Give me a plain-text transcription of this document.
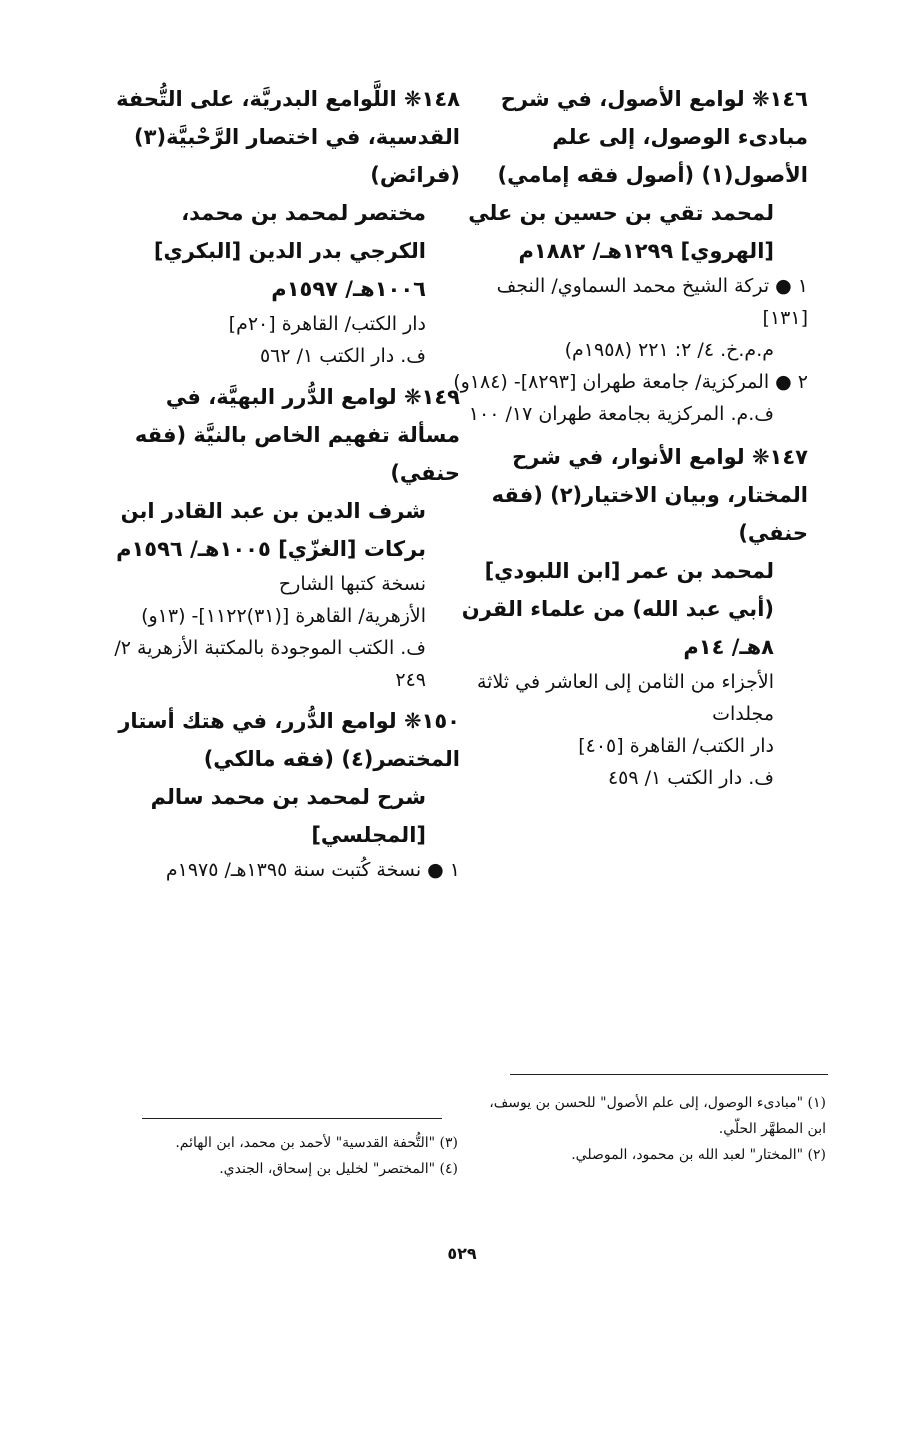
١٤٦❋ لوامع الأصول، في شرح مبادىء الوصول، إلى علم الأصول(١) (أصول فقه إمامي)

لمحمد تقي بن حسين بن علي [الهروي] ١٢٩٩هـ/ ١٨٨٢م

١ ● تركة الشيخ محمد السماوي/ النجف [١٣١]

م.م.خ. ٤/ ٢: ٢٢١ (١٩٥٨م)

٢ ● المركزية/ جامعة طهران [٨٢٩٣]- (١٨٤و)

ف.م. المركزية بجامعة طهران ١٧/ ١٠٠

١٤٧❋ لوامع الأنوار، في شرح المختار، وبيان الاختيار(٢) (فقه حنفي)

لمحمد بن عمر [ابن اللبودي] (أبي عبد الله) من علماء القرن ٨هـ/ ١٤م

الأجزاء من الثامن إلى العاشر في ثلاثة مجلدات

دار الكتب/ القاهرة [٤٠٥]

ف. دار الكتب ١/ ٤٥٩

١٤٨❋ اللَّوامع البدريَّة، على التُّحفة القدسية، في اختصار الرَّحْبيَّة(٣) (فرائض)

مختصر لمحمد بن محمد، الكرجي بدر الدين [البكري] ١٠٠٦هـ/ ١٥٩٧م

دار الكتب/ القاهرة [٢٠م]

ف. دار الكتب ١/ ٥٦٢

١٤٩❋ لوامع الدُّرر البهيَّة، في مسألة تفهيم الخاص بالنيَّة (فقه حنفي)

شرف الدين بن عبد القادر ابن بركات [الغزّي] ١٠٠٥هـ/ ١٥٩٦م

نسخة كتبها الشارح

الأزهرية/ القاهرة [(٣١)١١٢٢]- (١٣و)

ف. الكتب الموجودة بالمكتبة الأزهرية ٢/ ٢٤٩

١٥٠❋ لوامع الدُّرر، في هتك أستار المختصر(٤) (فقه مالكي)

شرح لمحمد بن محمد سالم [المجلسي]

١ ● نسخة كُتبت سنة ١٣٩٥هـ/ ١٩٧٥م

(١) "مبادىء الوصول، إلى علم الأصول" للحسن بن يوسف، ابن المطهَّر الحلّي.
(٢) "المختار" لعبد الله بن محمود، الموصلي.
(٣) "التُّحفة القدسية" لأحمد بن محمد، ابن الهائم.
(٤) "المختصر" لخليل بن إسحاق، الجندي.
٥٢٩
